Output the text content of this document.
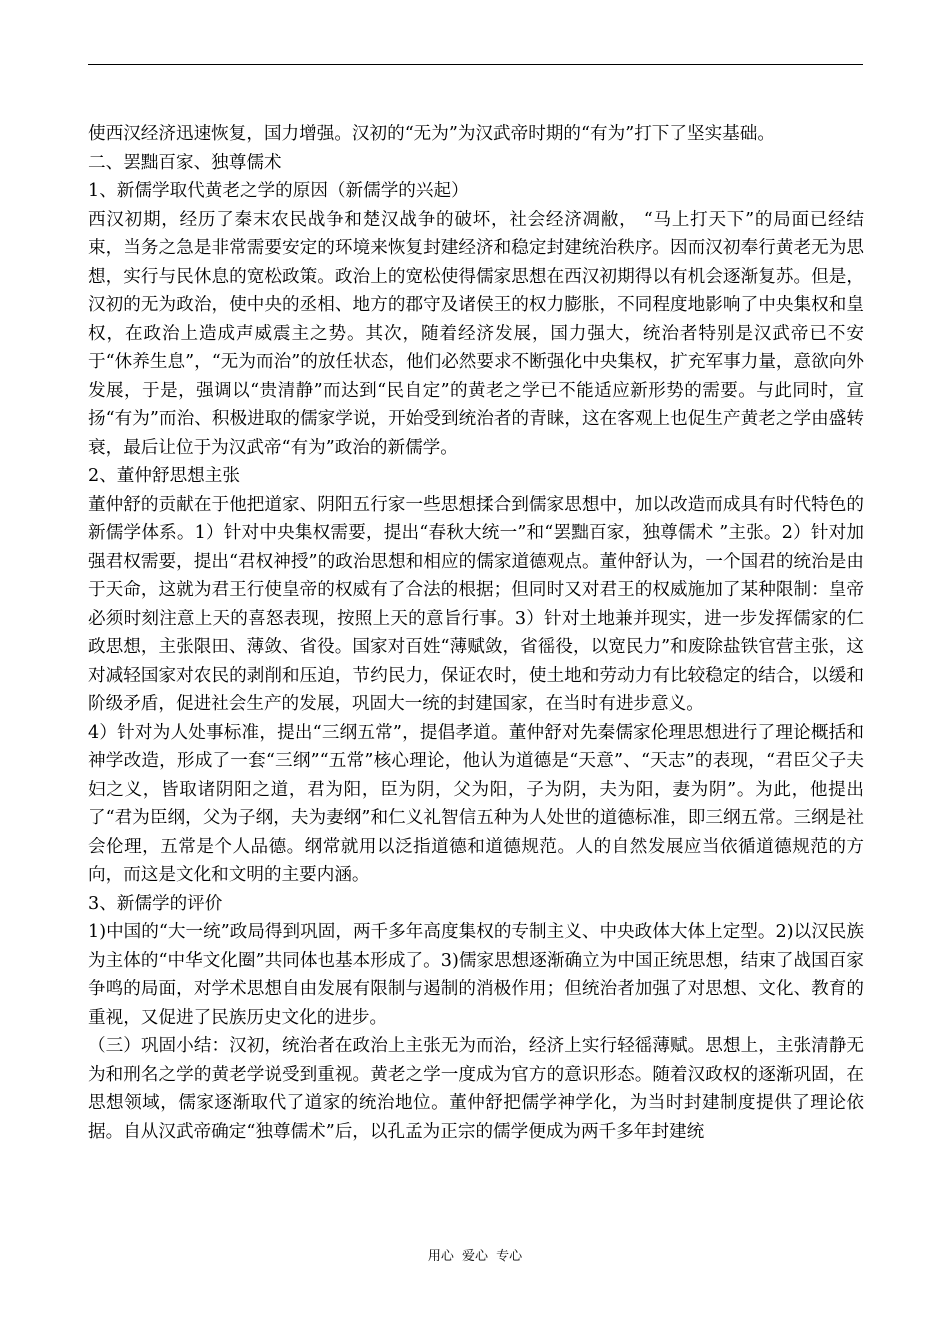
使西汉经济迅速恢复，国力增强。汉初的“无为”为汉武帝时期的“有为”打下了坚实基础。

二、罢黜百家、独尊儒术

1、新儒学取代黄老之学的原因（新儒学的兴起）

西汉初期，经历了秦末农民战争和楚汉战争的破坏，社会经济凋敝， “马上打天下”的局面已经结束，当务之急是非常需要安定的环境来恢复封建经济和稳定封建统治秩序。因而汉初奉行黄老无为思想，实行与民休息的宽松政策。政治上的宽松使得儒家思想在西汉初期得以有机会逐渐复苏。但是，汉初的无为政治，使中央的丞相、地方的郡守及诸侯王的权力膨胀，不同程度地影响了中央集权和皇权，在政治上造成声威震主之势。其次，随着经济发展，国力强大，统治者特别是汉武帝已不安于“休养生息”，“无为而治”的放任状态，他们必然要求不断强化中央集权，扩充军事力量，意欲向外发展，于是，强调以“贵清静”而达到“民自定”的黄老之学已不能适应新形势的需要。与此同时，宣扬“有为”而治、积极进取的儒家学说，开始受到统治者的青睐，这在客观上也促生产黄老之学由盛转衰，最后让位于为汉武帝“有为”政治的新儒学。

2、董仲舒思想主张

董仲舒的贡献在于他把道家、阴阳五行家一些思想揉合到儒家思想中，加以改造而成具有时代特色的新儒学体系。1）针对中央集权需要，提出“春秋大统一”和“罢黜百家，独尊儒术 ”主张。2）针对加强君权需要，提出“君权神授”的政治思想和相应的儒家道德观点。董仲舒认为，一个国君的统治是由于天命，这就为君王行使皇帝的权威有了合法的根据；但同时又对君王的权威施加了某种限制：皇帝必须时刻注意上天的喜怒表现，按照上天的意旨行事。3）针对土地兼并现实，进一步发挥儒家的仁政思想，主张限田、薄敛、省役。国家对百姓“薄赋敛，省徭役，以宽民力”和废除盐铁官营主张，这对减轻国家对农民的剥削和压迫，节约民力，保证农时，使土地和劳动力有比较稳定的结合，以缓和阶级矛盾，促进社会生产的发展，巩固大一统的封建国家，在当时有进步意义。

4）针对为人处事标准，提出“三纲五常”，提倡孝道。董仲舒对先秦儒家伦理思想进行了理论概括和神学改造，形成了一套“三纲”“五常”核心理论，他认为道德是“天意”、“天志”的表现，“君臣父子夫妇之义，皆取诸阴阳之道，君为阳，臣为阴，父为阳，子为阴，夫为阳，妻为阴”。为此，他提出了“君为臣纲，父为子纲，夫为妻纲”和仁义礼智信五种为人处世的道德标准，即三纲五常。三纲是社会伦理，五常是个人品德。纲常就用以泛指道德和道德规范。人的自然发展应当依循道德规范的方向，而这是文化和文明的主要内涵。

3、新儒学的评价

1)中国的“大一统”政局得到巩固，两千多年高度集权的专制主义、中央政体大体上定型。2)以汉民族为主体的“中华文化圈”共同体也基本形成了。3)儒家思想逐渐确立为中国正统思想，结束了战国百家争鸣的局面，对学术思想自由发展有限制与遏制的消极作用；但统治者加强了对思想、文化、教育的重视，又促进了民族历史文化的进步。

（三）巩固小结：汉初，统治者在政治上主张无为而治，经济上实行轻徭薄赋。思想上，主张清静无为和刑名之学的黄老学说受到重视。黄老之学一度成为官方的意识形态。随着汉政权的逐渐巩固，在思想领域，儒家逐渐取代了道家的统治地位。董仲舒把儒学神学化，为当时封建制度提供了理论依据。自从汉武帝确定“独尊儒术”后，以孔孟为正宗的儒学便成为两千多年封建统

用心 爱心 专心
